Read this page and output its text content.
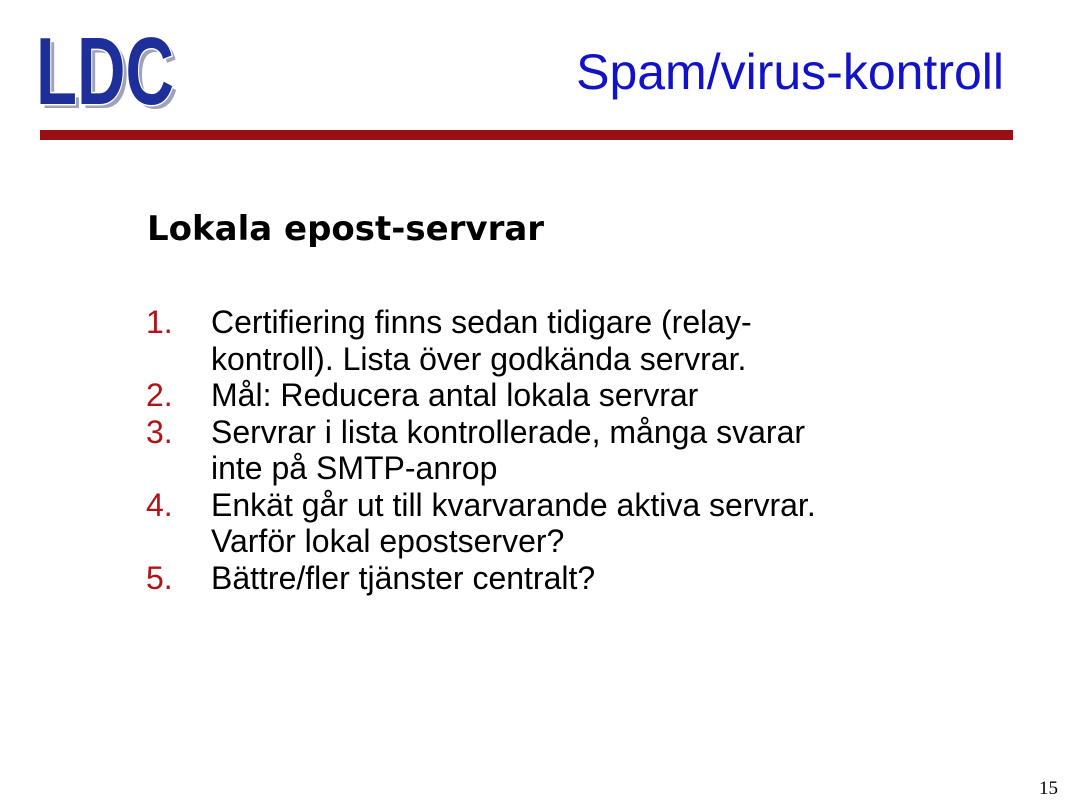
LDC
LDC	Spam/virus-kontroll
Lokala epost-servrar
1. Certifiering finns sedan tidigare (relay-
kontroll). Lista över godkända servrar.
2. Mål: Reducera antal lokala servrar
3. Servrar i lista kontrollerade, många svarar
inte på SMTP-anrop
4. Enkät går ut till kvarvarande aktiva servrar.
Varför lokal epostserver?
5. Bättre/fler tjänster centralt?
15
